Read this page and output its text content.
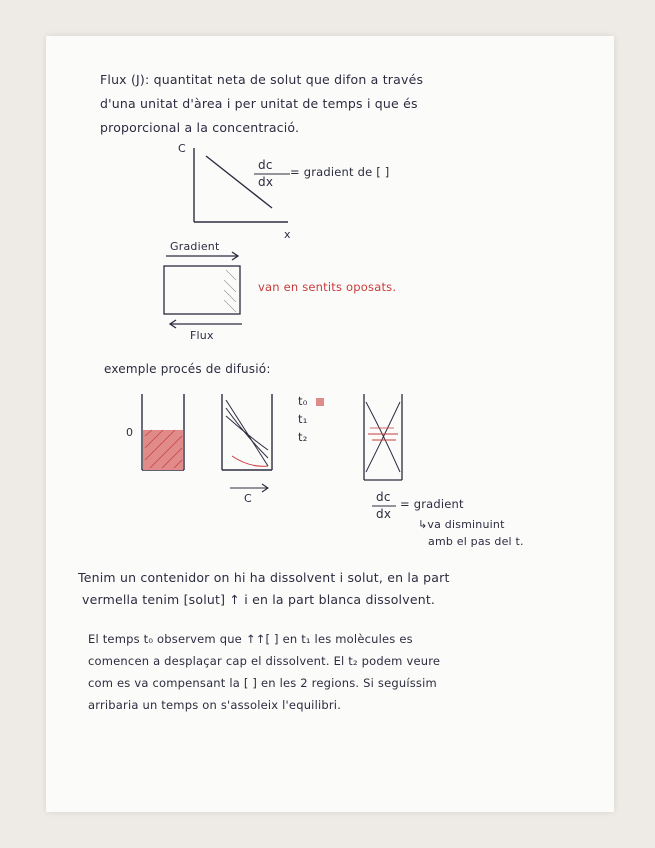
Flux (J): quantitat neta de solut que difon a través
d'una unitat d'àrea i per unitat de temps i que és
proporcional a la concentració.
C
dc
dx
= gradient de [ ]
x
Gradient
Flux
van en sentits oposats.
exemple procés de difusió:
0
t₀
t₁
t₂
C	dc
dx
= gradient
↳va disminuint
amb el pas del t.
Tenim un contenidor on hi ha dissolvent i solut, en la part
vermella tenim [solut] ↑ i en la part blanca dissolvent.
El temps t₀ observem que ↑↑[ ] en t₁ les molècules es
comencen a desplaçar cap el dissolvent. El t₂ podem veure
com es va compensant la [ ] en les 2 regions. Si seguíssim
arribaria un temps on s'assoleix l'equilibri.
